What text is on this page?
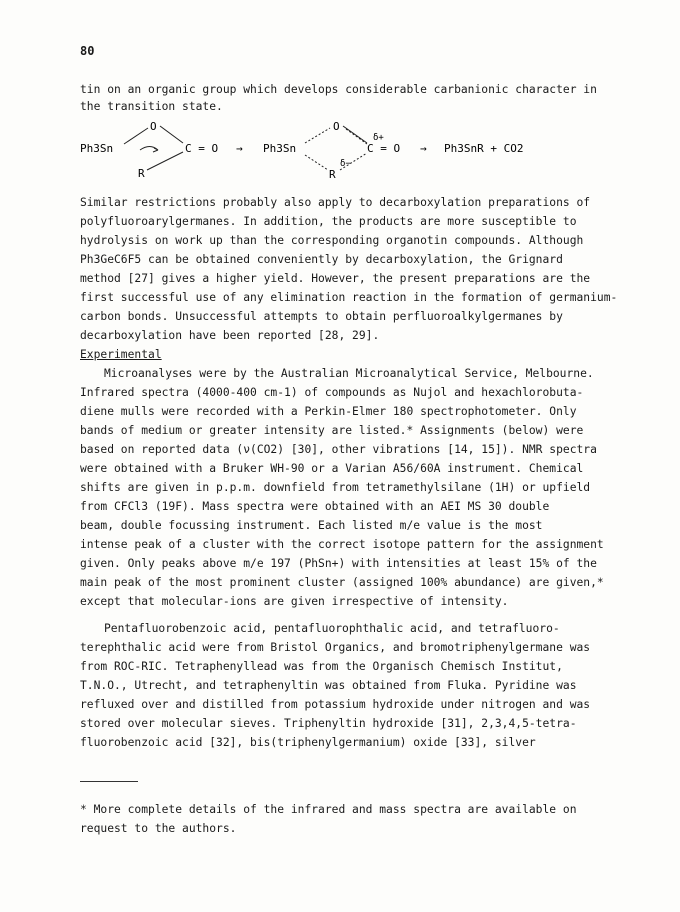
80
tin on an organic group which develops considerable carbanionic character in
the transition state.
Ph3Sn
O
C = O
R
→ Ph3Sn
O
δ+
C = O
δ−
R
→ Ph3SnR + CO2
Similar restrictions probably also apply to decarboxylation preparations of
polyfluoroarylgermanes. In addition, the products are more susceptible to
hydrolysis on work up than the corresponding organotin compounds. Although
Ph3GeC6F5 can be obtained conveniently by decarboxylation, the Grignard
method [27] gives a higher yield. However, the present preparations are the
first successful use of any elimination reaction in the formation of germanium-
carbon bonds. Unsuccessful attempts to obtain perfluoroalkylgermanes by
decarboxylation have been reported [28, 29].
Experimental
Microanalyses were by the Australian Microanalytical Service, Melbourne.
Infrared spectra (4000-400 cm-1) of compounds as Nujol and hexachlorobuta-
diene mulls were recorded with a Perkin-Elmer 180 spectrophotometer. Only
bands of medium or greater intensity are listed.* Assignments (below) were
based on reported data (ν(CO2) [30], other vibrations [14, 15]). NMR spectra
were obtained with a Bruker WH-90 or a Varian A56/60A instrument. Chemical
shifts are given in p.p.m. downfield from tetramethylsilane (1H) or upfield
from CFCl3 (19F). Mass spectra were obtained with an AEI MS 30 double
beam, double focussing instrument. Each listed m/e value is the most
intense peak of a cluster with the correct isotope pattern for the assignment
given. Only peaks above m/e 197 (PhSn+) with intensities at least 15% of the
main peak of the most prominent cluster (assigned 100% abundance) are given,*
except that molecular-ions are given irrespective of intensity.
Pentafluorobenzoic acid, pentafluorophthalic acid, and tetrafluoro-
terephthalic acid were from Bristol Organics, and bromotriphenylgermane was
from ROC-RIC. Tetraphenyllead was from the Organisch Chemisch Institut,
T.N.O., Utrecht, and tetraphenyltin was obtained from Fluka. Pyridine was
refluxed over and distilled from potassium hydroxide under nitrogen and was
stored over molecular sieves. Triphenyltin hydroxide [31], 2,3,4,5-tetra-
fluorobenzoic acid [32], bis(triphenylgermanium) oxide [33], silver
* More complete details of the infrared and mass spectra are available on
request to the authors.
